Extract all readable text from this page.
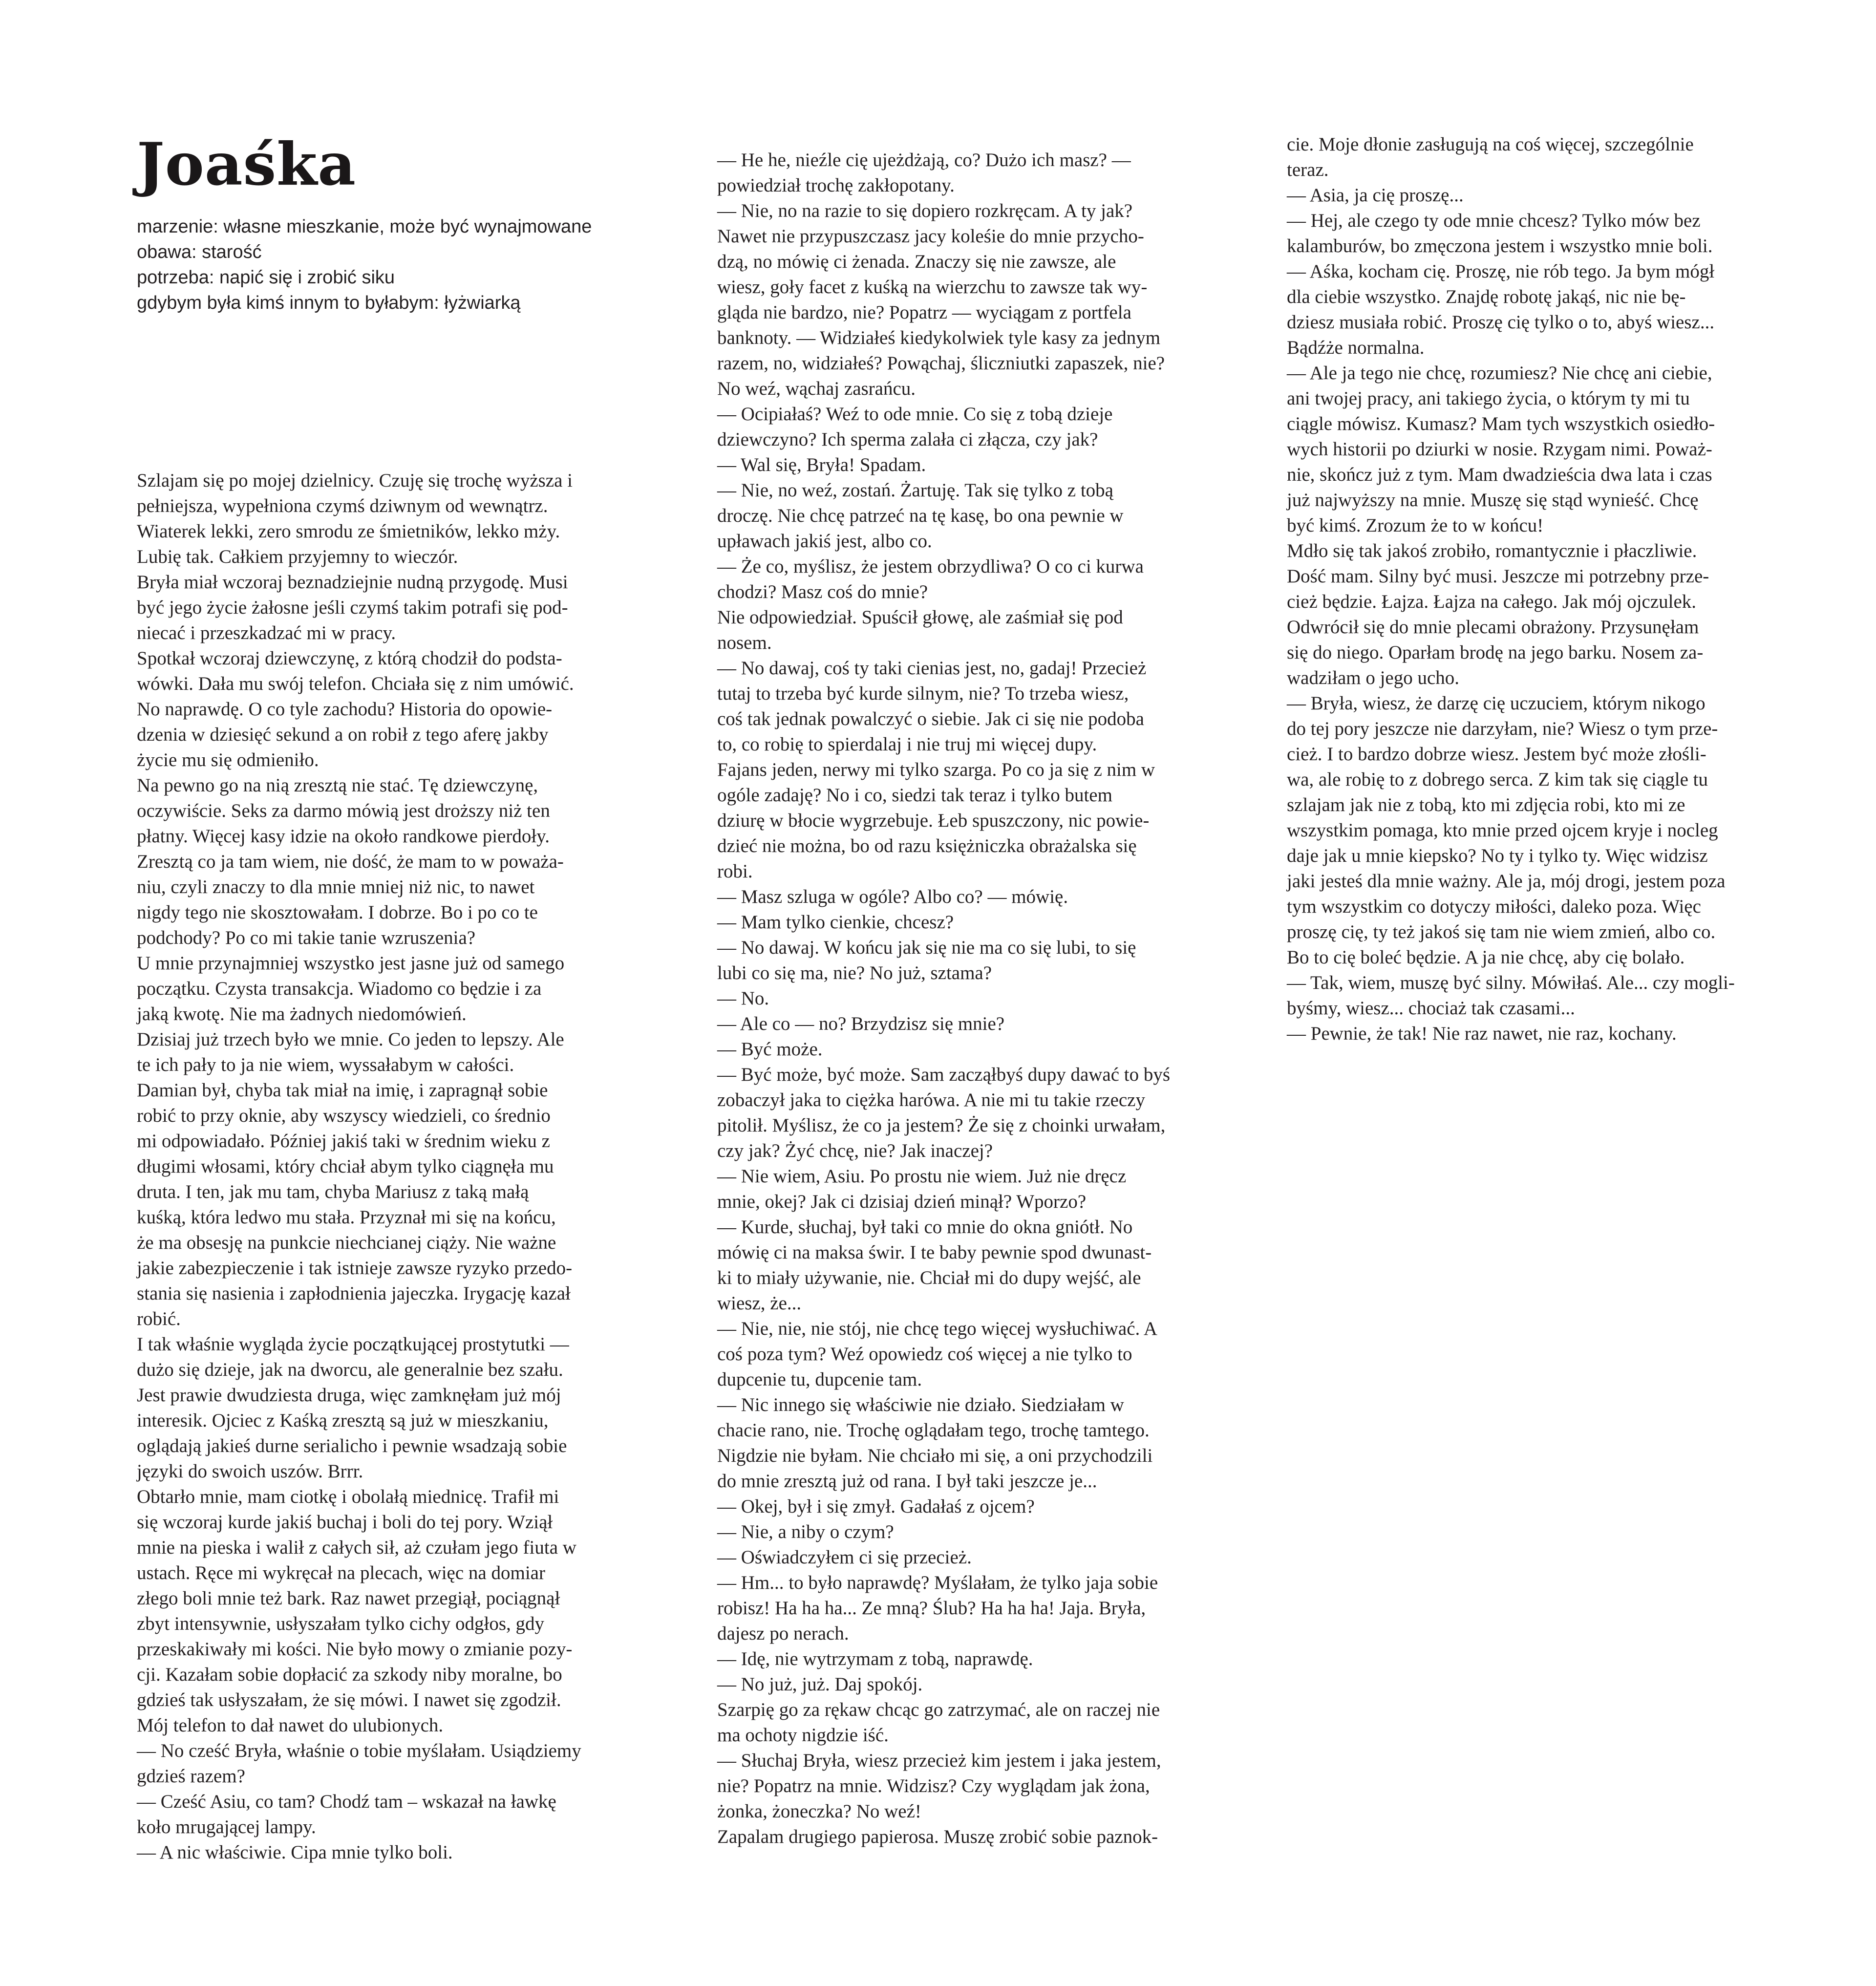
Joaśka
marzenie: własne mieszkanie, może być wynajmowane
obawa: starość
potrzeba: napić się i zrobić siku
gdybym była kimś innym to byłabym: łyżwiarką
Szlajam się po mojej dzielnicy. Czuję się trochę wyższa i
pełniejsza, wypełniona czymś dziwnym od wewnątrz.
Wiaterek lekki, zero smrodu ze śmietników, lekko mży.
Lubię tak. Całkiem przyjemny to wieczór.
Bryła miał wczoraj beznadziejnie nudną przygodę. Musi
być jego życie żałosne jeśli czymś takim potrafi się pod-
niecać i przeszkadzać mi w pracy.
Spotkał wczoraj dziewczynę, z którą chodził do podsta-
wówki. Dała mu swój telefon. Chciała się z nim umówić.
No naprawdę. O co tyle zachodu? Historia do opowie-
dzenia w dziesięć sekund a on robił z tego aferę jakby
życie mu się odmieniło.
Na pewno go na nią zresztą nie stać. Tę dziewczynę,
oczywiście. Seks za darmo mówią jest droższy niż ten
płatny. Więcej kasy idzie na około randkowe pierdoły.
Zresztą co ja tam wiem, nie dość, że mam to w poważa-
niu, czyli znaczy to dla mnie mniej niż nic, to nawet
nigdy tego nie skosztowałam. I dobrze. Bo i po co te
podchody? Po co mi takie tanie wzruszenia?
U mnie przynajmniej wszystko jest jasne już od samego
początku. Czysta transakcja. Wiadomo co będzie i za
jaką kwotę. Nie ma żadnych niedomówień.
Dzisiaj już trzech było we mnie. Co jeden to lepszy. Ale
te ich pały to ja nie wiem, wyssałabym w całości.
Damian był, chyba tak miał na imię, i zapragnął sobie
robić to przy oknie, aby wszyscy wiedzieli, co średnio
mi odpowiadało. Później jakiś taki w średnim wieku z
długimi włosami, który chciał abym tylko ciągnęła mu
druta. I ten, jak mu tam, chyba Mariusz z taką małą
kuśką, która ledwo mu stała. Przyznał mi się na końcu,
że ma obsesję na punkcie niechcianej ciąży. Nie ważne
jakie zabezpieczenie i tak istnieje zawsze ryzyko przedo-
stania się nasienia i zapłodnienia jajeczka. Irygację kazał
robić.
I tak właśnie wygląda życie początkującej prostytutki —
dużo się dzieje, jak na dworcu, ale generalnie bez szału.
Jest prawie dwudziesta druga, więc zamknęłam już mój
interesik. Ojciec z Kaśką zresztą są już w mieszkaniu,
oglądają jakieś durne serialicho i pewnie wsadzają sobie
języki do swoich uszów. Brrr.
Obtarło mnie, mam ciotkę i obolałą miednicę. Trafił mi
się wczoraj kurde jakiś buchaj i boli do tej pory. Wziął
mnie na pieska i walił z całych sił, aż czułam jego fiuta w
ustach. Ręce mi wykręcał na plecach, więc na domiar
złego boli mnie też bark. Raz nawet przegiął, pociągnął
zbyt intensywnie, usłyszałam tylko cichy odgłos, gdy
przeskakiwały mi kości. Nie było mowy o zmianie pozy-
cji. Kazałam sobie dopłacić za szkody niby moralne, bo
gdzieś tak usłyszałam, że się mówi. I nawet się zgodził.
Mój telefon to dał nawet do ulubionych.
— No cześć Bryła, właśnie o tobie myślałam. Usiądziemy
gdzieś razem?
— Cześć Asiu, co tam? Chodź tam – wskazał na ławkę
koło mrugającej lampy.
— A nic właściwie. Cipa mnie tylko boli.
— He he, nieźle cię ujeżdżają, co? Dużo ich masz? —
powiedział trochę zakłopotany.
— Nie, no na razie to się dopiero rozkręcam. A ty jak?
Nawet nie przypuszczasz jacy koleśie do mnie przycho-
dzą, no mówię ci żenada. Znaczy się nie zawsze, ale
wiesz, goły facet z kuśką na wierzchu to zawsze tak wy-
gląda nie bardzo, nie? Popatrz — wyciągam z portfela
banknoty. — Widziałeś kiedykolwiek tyle kasy za jednym
razem, no, widziałeś? Powąchaj, śliczniutki zapaszek, nie?
No weź, wąchaj zasrańcu.
— Ocipiałaś? Weź to ode mnie. Co się z tobą dzieje
dziewczyno? Ich sperma zalała ci złącza, czy jak?
— Wal się, Bryła! Spadam.
— Nie, no weź, zostań. Żartuję. Tak się tylko z tobą
droczę. Nie chcę patrzeć na tę kasę, bo ona pewnie w
upławach jakiś jest, albo co.
— Że co, myślisz, że jestem obrzydliwa? O co ci kurwa
chodzi? Masz coś do mnie?
Nie odpowiedział. Spuścił głowę, ale zaśmiał się pod
nosem.
— No dawaj, coś ty taki cienias jest, no, gadaj! Przecież
tutaj to trzeba być kurde silnym, nie? To trzeba wiesz,
coś tak jednak powalczyć o siebie. Jak ci się nie podoba
to, co robię to spierdalaj i nie truj mi więcej dupy.
Fajans jeden, nerwy mi tylko szarga. Po co ja się z nim w
ogóle zadaję? No i co, siedzi tak teraz i tylko butem
dziurę w błocie wygrzebuje. Łeb spuszczony, nic powie-
dzieć nie można, bo od razu księżniczka obrażalska się
robi.
— Masz szluga w ogóle? Albo co? — mówię.
— Mam tylko cienkie, chcesz?
— No dawaj. W końcu jak się nie ma co się lubi, to się
lubi co się ma, nie? No już, sztama?
— No.
— Ale co — no? Brzydzisz się mnie?
— Być może.
— Być może, być może. Sam zacząłbyś dupy dawać to byś
zobaczył jaka to ciężka harówa. A nie mi tu takie rzeczy
pitolił. Myślisz, że co ja jestem? Że się z choinki urwałam,
czy jak? Żyć chcę, nie? Jak inaczej?
— Nie wiem, Asiu. Po prostu nie wiem. Już nie dręcz
mnie, okej? Jak ci dzisiaj dzień minął? Wporzo?
— Kurde, słuchaj, był taki co mnie do okna gniótł. No
mówię ci na maksa świr. I te baby pewnie spod dwunast-
ki to miały używanie, nie. Chciał mi do dupy wejść, ale
wiesz, że...
— Nie, nie, nie stój, nie chcę tego więcej wysłuchiwać. A
coś poza tym? Weź opowiedz coś więcej a nie tylko to
dupcenie tu, dupcenie tam.
— Nic innego się właściwie nie działo. Siedziałam w
chacie rano, nie. Trochę oglądałam tego, trochę tamtego.
Nigdzie nie byłam. Nie chciało mi się, a oni przychodzili
do mnie zresztą już od rana. I był taki jeszcze je...
— Okej, był i się zmył. Gadałaś z ojcem?
— Nie, a niby o czym?
— Oświadczyłem ci się przecież.
— Hm... to było naprawdę? Myślałam, że tylko jaja sobie
robisz! Ha ha ha... Ze mną? Ślub? Ha ha ha! Jaja. Bryła,
dajesz po nerach.
— Idę, nie wytrzymam z tobą, naprawdę.
— No już, już. Daj spokój.
Szarpię go za rękaw chcąc go zatrzymać, ale on raczej nie
ma ochoty nigdzie iść.
— Słuchaj Bryła, wiesz przecież kim jestem i jaka jestem,
nie? Popatrz na mnie. Widzisz? Czy wyglądam jak żona,
żonka, żoneczka? No weź!
Zapalam drugiego papierosa. Muszę zrobić sobie paznok-
cie. Moje dłonie zasługują na coś więcej, szczególnie
teraz.
— Asia, ja cię proszę...
— Hej, ale czego ty ode mnie chcesz? Tylko mów bez
kalamburów, bo zmęczona jestem i wszystko mnie boli.
— Aśka, kocham cię. Proszę, nie rób tego. Ja bym mógł
dla ciebie wszystko. Znajdę robotę jakąś, nic nie bę-
dziesz musiała robić. Proszę cię tylko o to, abyś wiesz...
Bądźże normalna.
— Ale ja tego nie chcę, rozumiesz? Nie chcę ani ciebie,
ani twojej pracy, ani takiego życia, o którym ty mi tu
ciągle mówisz. Kumasz? Mam tych wszystkich osiedło-
wych historii po dziurki w nosie. Rzygam nimi. Poważ-
nie, skończ już z tym. Mam dwadzieścia dwa lata i czas
już najwyższy na mnie. Muszę się stąd wynieść. Chcę
być kimś. Zrozum że to w końcu!
Mdło się tak jakoś zrobiło, romantycznie i płaczliwie.
Dość mam. Silny być musi. Jeszcze mi potrzebny prze-
cież będzie. Łajza. Łajza na całego. Jak mój ojczulek.
Odwrócił się do mnie plecami obrażony. Przysunęłam
się do niego. Oparłam brodę na jego barku. Nosem za-
wadziłam o jego ucho.
— Bryła, wiesz, że darzę cię uczuciem, którym nikogo
do tej pory jeszcze nie darzyłam, nie? Wiesz o tym prze-
cież. I to bardzo dobrze wiesz. Jestem być może złośli-
wa, ale robię to z dobrego serca. Z kim tak się ciągle tu
szlajam jak nie z tobą, kto mi zdjęcia robi, kto mi ze
wszystkim pomaga, kto mnie przed ojcem kryje i nocleg
daje jak u mnie kiepsko? No ty i tylko ty. Więc widzisz
jaki jesteś dla mnie ważny. Ale ja, mój drogi, jestem poza
tym wszystkim co dotyczy miłości, daleko poza. Więc
proszę cię, ty też jakoś się tam nie wiem zmień, albo co.
Bo to cię boleć będzie. A ja nie chcę, aby cię bolało.
— Tak, wiem, muszę być silny. Mówiłaś. Ale... czy mogli-
byśmy, wiesz... chociaż tak czasami...
— Pewnie, że tak! Nie raz nawet, nie raz, kochany.
